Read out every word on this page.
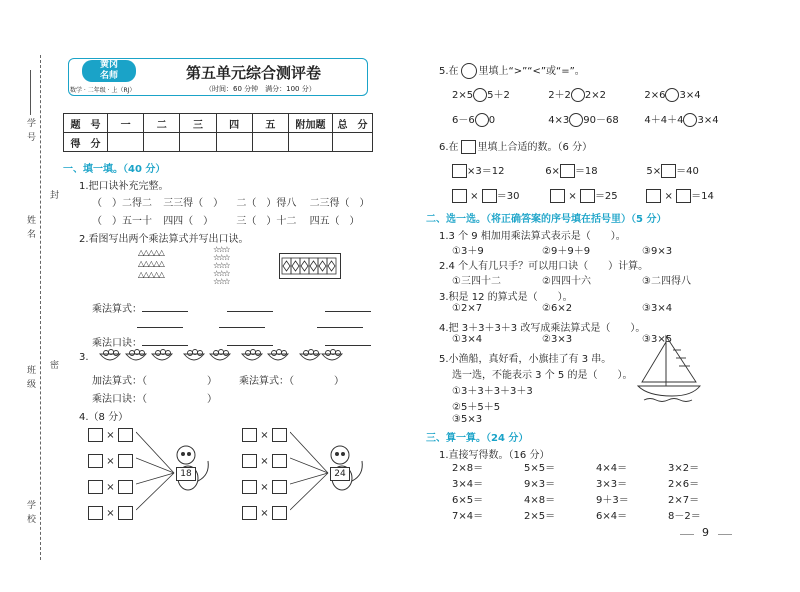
学 号
姓 名
班 级
学 校
封
密
黄冈
名师
数学 · 二年级 · 上（RJ）
第五单元综合测评卷
（时间：60 分钟　满分：100 分）
题　号	一	二	三	四	五	附加题	总　分
得　分							
一、填一填。（40 分）
1.把口诀补充完整。
（　）二得二 三三得（　） 二（　）得八 二三得（　）
（　）五一十 四四（　） 三（　）十二 四五（　）
2.看图写出两个乘法算式并写出口诀。
△△△△△
△△△△△
△△△△△
☆☆☆
☆☆☆
☆☆☆
☆☆☆
☆☆☆
乘法算式：
乘法口诀：
3.
加法算式：（　　　　　　） 乘法算式：（　　　　）
乘法口诀：（　　　　　　）
4.（8 分）
×
×
×
×
18
×
×
×
×
24
5.在 里填上“>”“<”或“=”。
2×5 5＋2	2＋2 2×2	2×6 3×4
6－6 0	4×3 90－68	4＋4＋4 3×4
6.在 里填上合适的数。（6 分）
×3＝12	6× ＝18	5× ＝40
× ＝30	× ＝25	× ＝14
二、选一选。（将正确答案的序号填在括号里）（5 分）
1.3 个 9 相加用乘法算式表示是（　　）。
①3＋9	②9＋9＋9	③9×3
2.4 个人有几只手？可以用口诀（　　）计算。
①三四十二	②四四十六	③二四得八
3.积是 12 的算式是（　　）。
①2×7	②6×2	③3×4
4.把 3＋3＋3＋3 改写成乘法算式是（　　）。
①3×4	②3×3	③3×5
5.小渔船，真好看，小旗挂了有 3 串。
选一选，不能表示 3 个 5 的是（　　）。
①3＋3＋3＋3＋3
②5＋5＋5
③5×3
三、算一算。（24 分）
1.直接写得数。（16 分）
2×8＝	5×5＝	4×4＝	3×2＝
3×4＝	9×3＝	3×3＝	2×6＝
6×5＝	4×8＝	9＋3＝	2×7＝
7×4＝	2×5＝	6×4＝	8－2＝
9
